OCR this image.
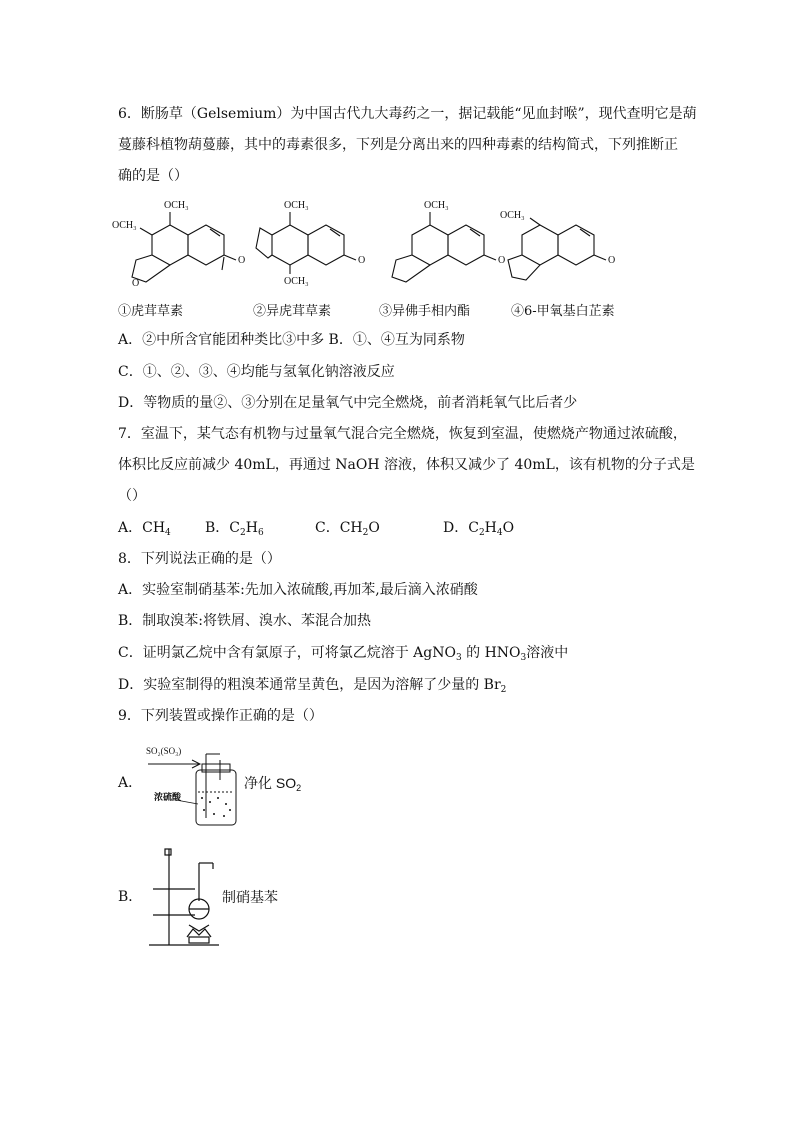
6．断肠草（Gelsemium）为中国古代九大毒药之一，据记载能“见血封喉”，现代查明它是葫
蔓藤科植物葫蔓藤，其中的毒素很多，下列是分离出来的四种毒素的结构简式，下列推断正
确的是（）
OCH₃
OCH₃
O
O
OCH₃
OCH₃
O
OCH₃
O
OCH₃
O
①虎茸草素	②异虎茸草素	③异佛手相内酯	④6-甲氧基白芷素
A．②中所含官能团种类比③中多 B．①、④互为同系物
C．①、②、③、④均能与氢氧化钠溶液反应
D．等物质的量②、③分别在足量氧气中完全燃烧，前者消耗氧气比后者少
7．室温下，某气态有机物与过量氧气混合完全燃烧，恢复到室温，使燃烧产物通过浓硫酸，
体积比反应前减少 40mL，再通过 NaOH 溶液，体积又减少了 40mL，该有机物的分子式是
（）
A．$CH_4$ B．$C_2H_6$	C．$CH_2O$	D．$C_2H_4O$
8．下列说法正确的是（）
A．实验室制硝基苯:先加入浓硫酸,再加苯,最后滴入浓硝酸
B．制取溴苯:将铁屑、溴水、苯混合加热
C．证明氯乙烷中含有氯原子，可将氯乙烷溶于 AgNO$_3$ 的 $HNO_3$溶液中
D．实验室制得的粗溴苯通常呈黄色，是因为溶解了少量的 $Br_2$
9．下列装置或操作正确的是（）
A．
SO₂(SO₃)
浓硫酸
净化 $SO_2$
B．	制硝基苯
